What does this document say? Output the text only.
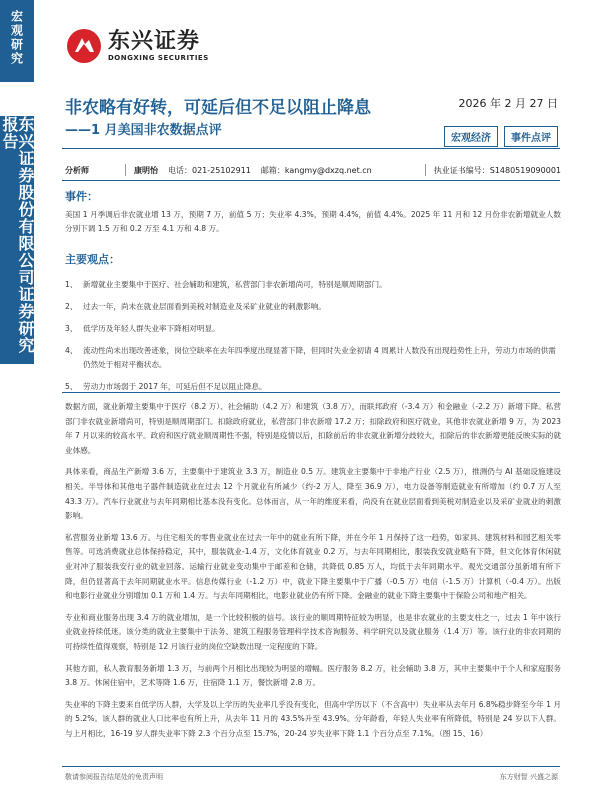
宏观研究
东兴证券股份有限公司证券研究报告
东兴证券
DONGXING SECURITIES
非农略有好转，可延后但不足以阻止降息
——1 月美国非农数据点评
2026 年 2 月 27 日
宏观经济	事件点评
分析师	康明怡 电话：021-25102911 邮箱：kangmy@dxzq.net.cn	执业证书编号：S1480519090001
事件：

美国 1 月季调后非农就业增 13 万，预期 7 万，前值 5 万；失业率 4.3%，预期 4.4%，前值 4.4%。2025 年 11 月和 12 月份非农新增就业人数分别下调 1.5 万和 0.2 万至 4.1 万和 4.8 万。

主要观点：
1、 新增就业主要集中于医疗、社会辅助和建筑，私营部门非农新增尚可，特别是顺周期部门。
2、 过去一年，尚未在就业层面看到美税对制造业及采矿业就业的刺激影响。
3、 低学历及年轻人群失业率下降相对明显。
4、 流动性尚未出现改善迹象，岗位空缺率在去年四季度出现显著下降，但同时失业金初请 4 周累计人数没有出现趋势性上升，劳动力市场的供需仍然处于相对平衡状态。
5、 劳动力市场弱于 2017 年，可延后但不足以阻止降息。

数据方面，就业新增主要集中于医疗（8.2 万）、社会辅助（4.2 万）和建筑（3.8 万），而联邦政府（-3.4 万）和金融业（-2.2 万）新增下降。私营部门非农就业新增尚可，特别是顺周期部门。扣除政府就业，私营部门非农新增 17.2 万；扣除政府和医疗就业，其他非农就业新增 9 万，为 2023 年 7 月以来的较高水平。政府和医疗就业顺周期性不强，特别是疫情以后，扣除前后的非农就业新增分歧较大，扣除后的非农新增更能反映实际的就业体感。

具体来看，商品生产新增 3.6 万，主要集中于建筑业 3.3 万，制造业 0.5 万。建筑业主要集中于非地产行业（2.5 万），推测仍与 AI 基础设施建设相关。半导体和其他电子器件制造就业在过去 12 个月就业有所减少（约-2 万人，降至 36.9 万），电力设备等制造就业有所增加（约 0.7 万人至 43.3 万）。汽车行业就业与去年同期相比基本没有变化。总体而言，从一年的维度来看，尚没有在就业层面看到美税对制造业以及采矿业就业的刺激影响。

私营服务业新增 13.6 万。与住宅相关的零售业就业在过去一年中的就业有所下降，并在今年 1 月保持了这一趋势，如家具、建筑材料和园艺相关零售等。可选消费就业总体保持稳定，其中，服装就业-1.4 万，文化体育就业 0.2 万，与去年同期相比，服装我安就业略有下降，但文化体育休闲就业对冲了服装我安行业的就业回落。运输行业就业变动集中于邮差和仓储，共降低 0.85 万人，均低于去年同期水平。观光交通部分虽新增有所下降，但仍显著高于去年同期就业水平。信息传媒行业（-1.2 万）中，就业下降主要集中于广播（-0.5 万）电信（-1.5 万）计算机（-0.4 万）。出版和电影行业就业分别增加 0.1 万和 1.4 万。与去年同期相比，电影业就业仍有所下降。金融业的就业下降主要集中于保险公司和地产相关。

专业和商业服务出现 3.4 万的就业增加，是一个比较积极的信号。该行业的顺周期特征较为明显，也是非农就业的主要支柱之一，过去 1 年中该行业就业持续低迷。该分类的就业主要集中于法务、建筑工程服务管理科学技术咨询服务、科学研究以及就业服务（1.4 万）等。该行业的非农同期的可持续性值得观察，特别是 12 月该行业的岗位空缺数出现一定程度的下降。

其他方面，私人教育服务新增 1.3 万，与前两个月相比出现较为明显的增幅。医疗服务 8.2 万，社会辅助 3.8 万，其中主要集中于个人和家庭服务 3.8 万。休闲住宿中，艺术等降 1.6 万，住宿降 1.1 万，餐饮新增 2.8 万。

失业率的下降主要来自低学历人群，大学及以上学历的失业率几乎没有变化，但高中学历以下（不含高中）失业率从去年月 6.8%稳步降至今年 1 月的 5.2%。该人群的就业人口比率也有所上升，从去年 11 月的 43.5%升至 43.9%。分年龄看，年轻人失业率有所降低，特别是 24 岁以下人群。与上月相比，16-19 岁人群失业率下降 2.3 个百分点至 15.7%，20-24 岁失业率下降 1.1 个百分点至 7.1%。（图 15、16）

敬请参阅报告结尾处的免责声明	东方财智 兴盛之源
